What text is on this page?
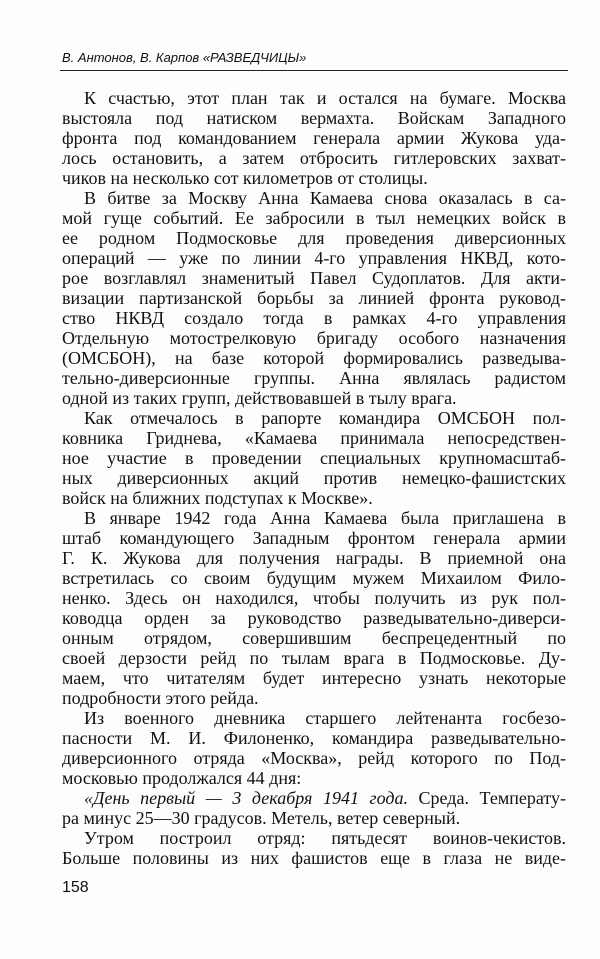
В. Антонов, В. Карпов «РАЗВЕДЧИЦЫ»
К счастью, этот план так и остался на бумаге. Москва
выстояла под натиском вермахта. Войскам Западного
фронта под командованием генерала армии Жукова уда-
лось остановить, а затем отбросить гитлеровских захват-
чиков на несколько сот километров от столицы.
В битве за Москву Анна Камаева снова оказалась в са-
мой гуще событий. Ее забросили в тыл немецких войск в
ее родном Подмосковье для проведения диверсионных
операций — уже по линии 4-го управления НКВД, кото-
рое возглавлял знаменитый Павел Судоплатов. Для акти-
визации партизанской борьбы за линией фронта руковод-
ство НКВД создало тогда в рамках 4-го управления
Отдельную мотострелковую бригаду особого назначения
(ОМСБОН), на базе которой формировались разведыва-
тельно-диверсионные группы. Анна являлась радистом
одной из таких групп, действовавшей в тылу врага.
Как отмечалось в рапорте командира ОМСБОН пол-
ковника Гриднева, «Камаева принимала непосредствен-
ное участие в проведении специальных крупномасштаб-
ных диверсионных акций против немецко-фашистских
войск на ближних подступах к Москве».
В январе 1942 года Анна Камаева была приглашена в
штаб командующего Западным фронтом генерала армии
Г. К. Жукова для получения награды. В приемной она
встретилась со своим будущим мужем Михаилом Фило-
ненко. Здесь он находился, чтобы получить из рук пол-
ководца орден за руководство разведывательно-диверси-
онным отрядом, совершившим беспрецедентный по
своей дерзости рейд по тылам врага в Подмосковье. Ду-
маем, что читателям будет интересно узнать некоторые
подробности этого рейда.
Из военного дневника старшего лейтенанта госбезо-
пасности М. И. Филоненко, командира разведывательно-
диверсионного отряда «Москва», рейд которого по Под-
московью продолжался 44 дня:
«День первый — 3 декабря 1941 года. Среда. Температу-
ра минус 25—30 градусов. Метель, ветер северный.
Утром построил отряд: пятьдесят воинов-чекистов.
Больше половины из них фашистов еще в глаза не виде-
158
